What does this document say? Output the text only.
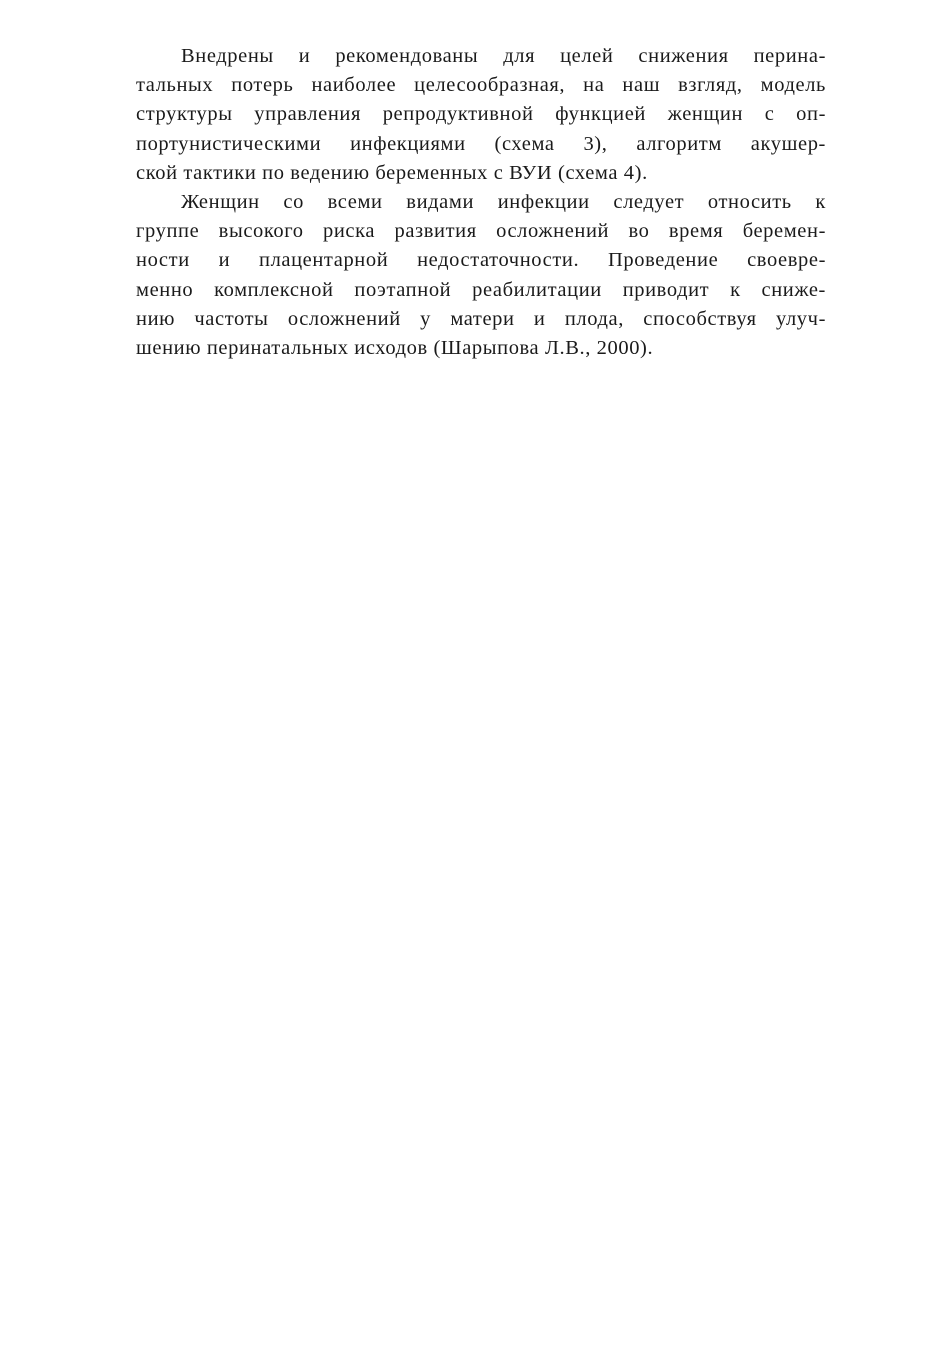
Внедрены и рекомендованы для целей снижения перина-
тальных потерь наиболее целесообразная, на наш взгляд, модель
структуры управления репродуктивной функцией женщин с оп-
портунистическими инфекциями (схема 3), алгоритм акушер-
ской тактики по ведению беременных с ВУИ (схема 4).
Женщин со всеми видами инфекции следует относить к
группе высокого риска развития осложнений во время беремен-
ности и плацентарной недостаточности. Проведение своевре-
менно комплексной поэтапной реабилитации приводит к сниже-
нию частоты осложнений у матери и плода, способствуя улуч-
шению перинатальных исходов (Шарыпова Л.В., 2000).
